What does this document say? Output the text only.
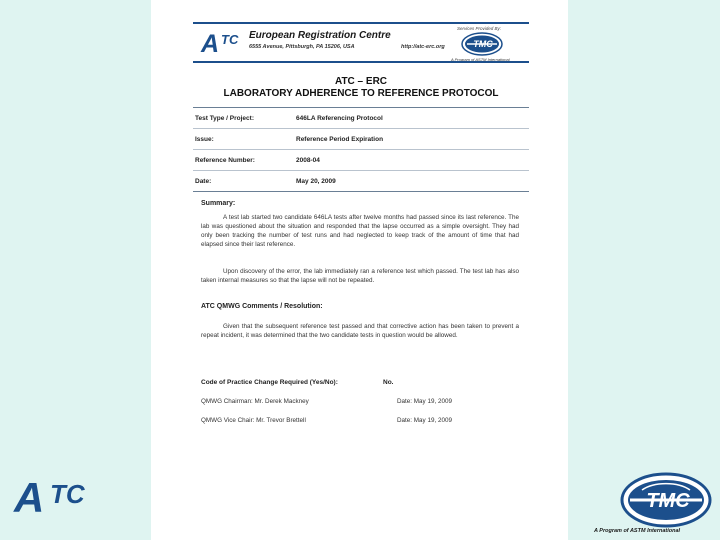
A TC European Registration Centre
6555 Avenue, Pittsburgh, PA 15206, USA	http://atc-erc.org
Services Provided By:
TMC
A Program of ASTM International
ATC – ERC
LABORATORY ADHERENCE TO REFERENCE PROTOCOL
Test Type / Project:	646LA Referencing Protocol
Issue:	Reference Period Expiration
Reference Number:	2008-04
Date:	May 20, 2009
Summary:
A test lab started two candidate 646LA tests after twelve months had passed since its last reference. The lab was questioned about the situation and responded that the lapse occurred as a simple oversight. They had only been tracking the number of test runs and had neglected to keep track of the amount of time that had elapsed since their last reference.
Upon discovery of the error, the lab immediately ran a reference test which passed. The test lab has also taken internal measures so that the lapse will not be repeated.
ATC QMWG Comments / Resolution:
Given that the subsequent reference test passed and that corrective action has been taken to prevent a repeat incident, it was determined that the two candidate tests in question would be allowed.
Code of Practice Change Required (Yes/No):	No.
QMWG Chairman: Mr. Derek Mackney	Date: May 19, 2009
QMWG Vice Chair: Mr. Trevor Brettell	Date: May 19, 2009
A TC	TMC
A Program of ASTM International
